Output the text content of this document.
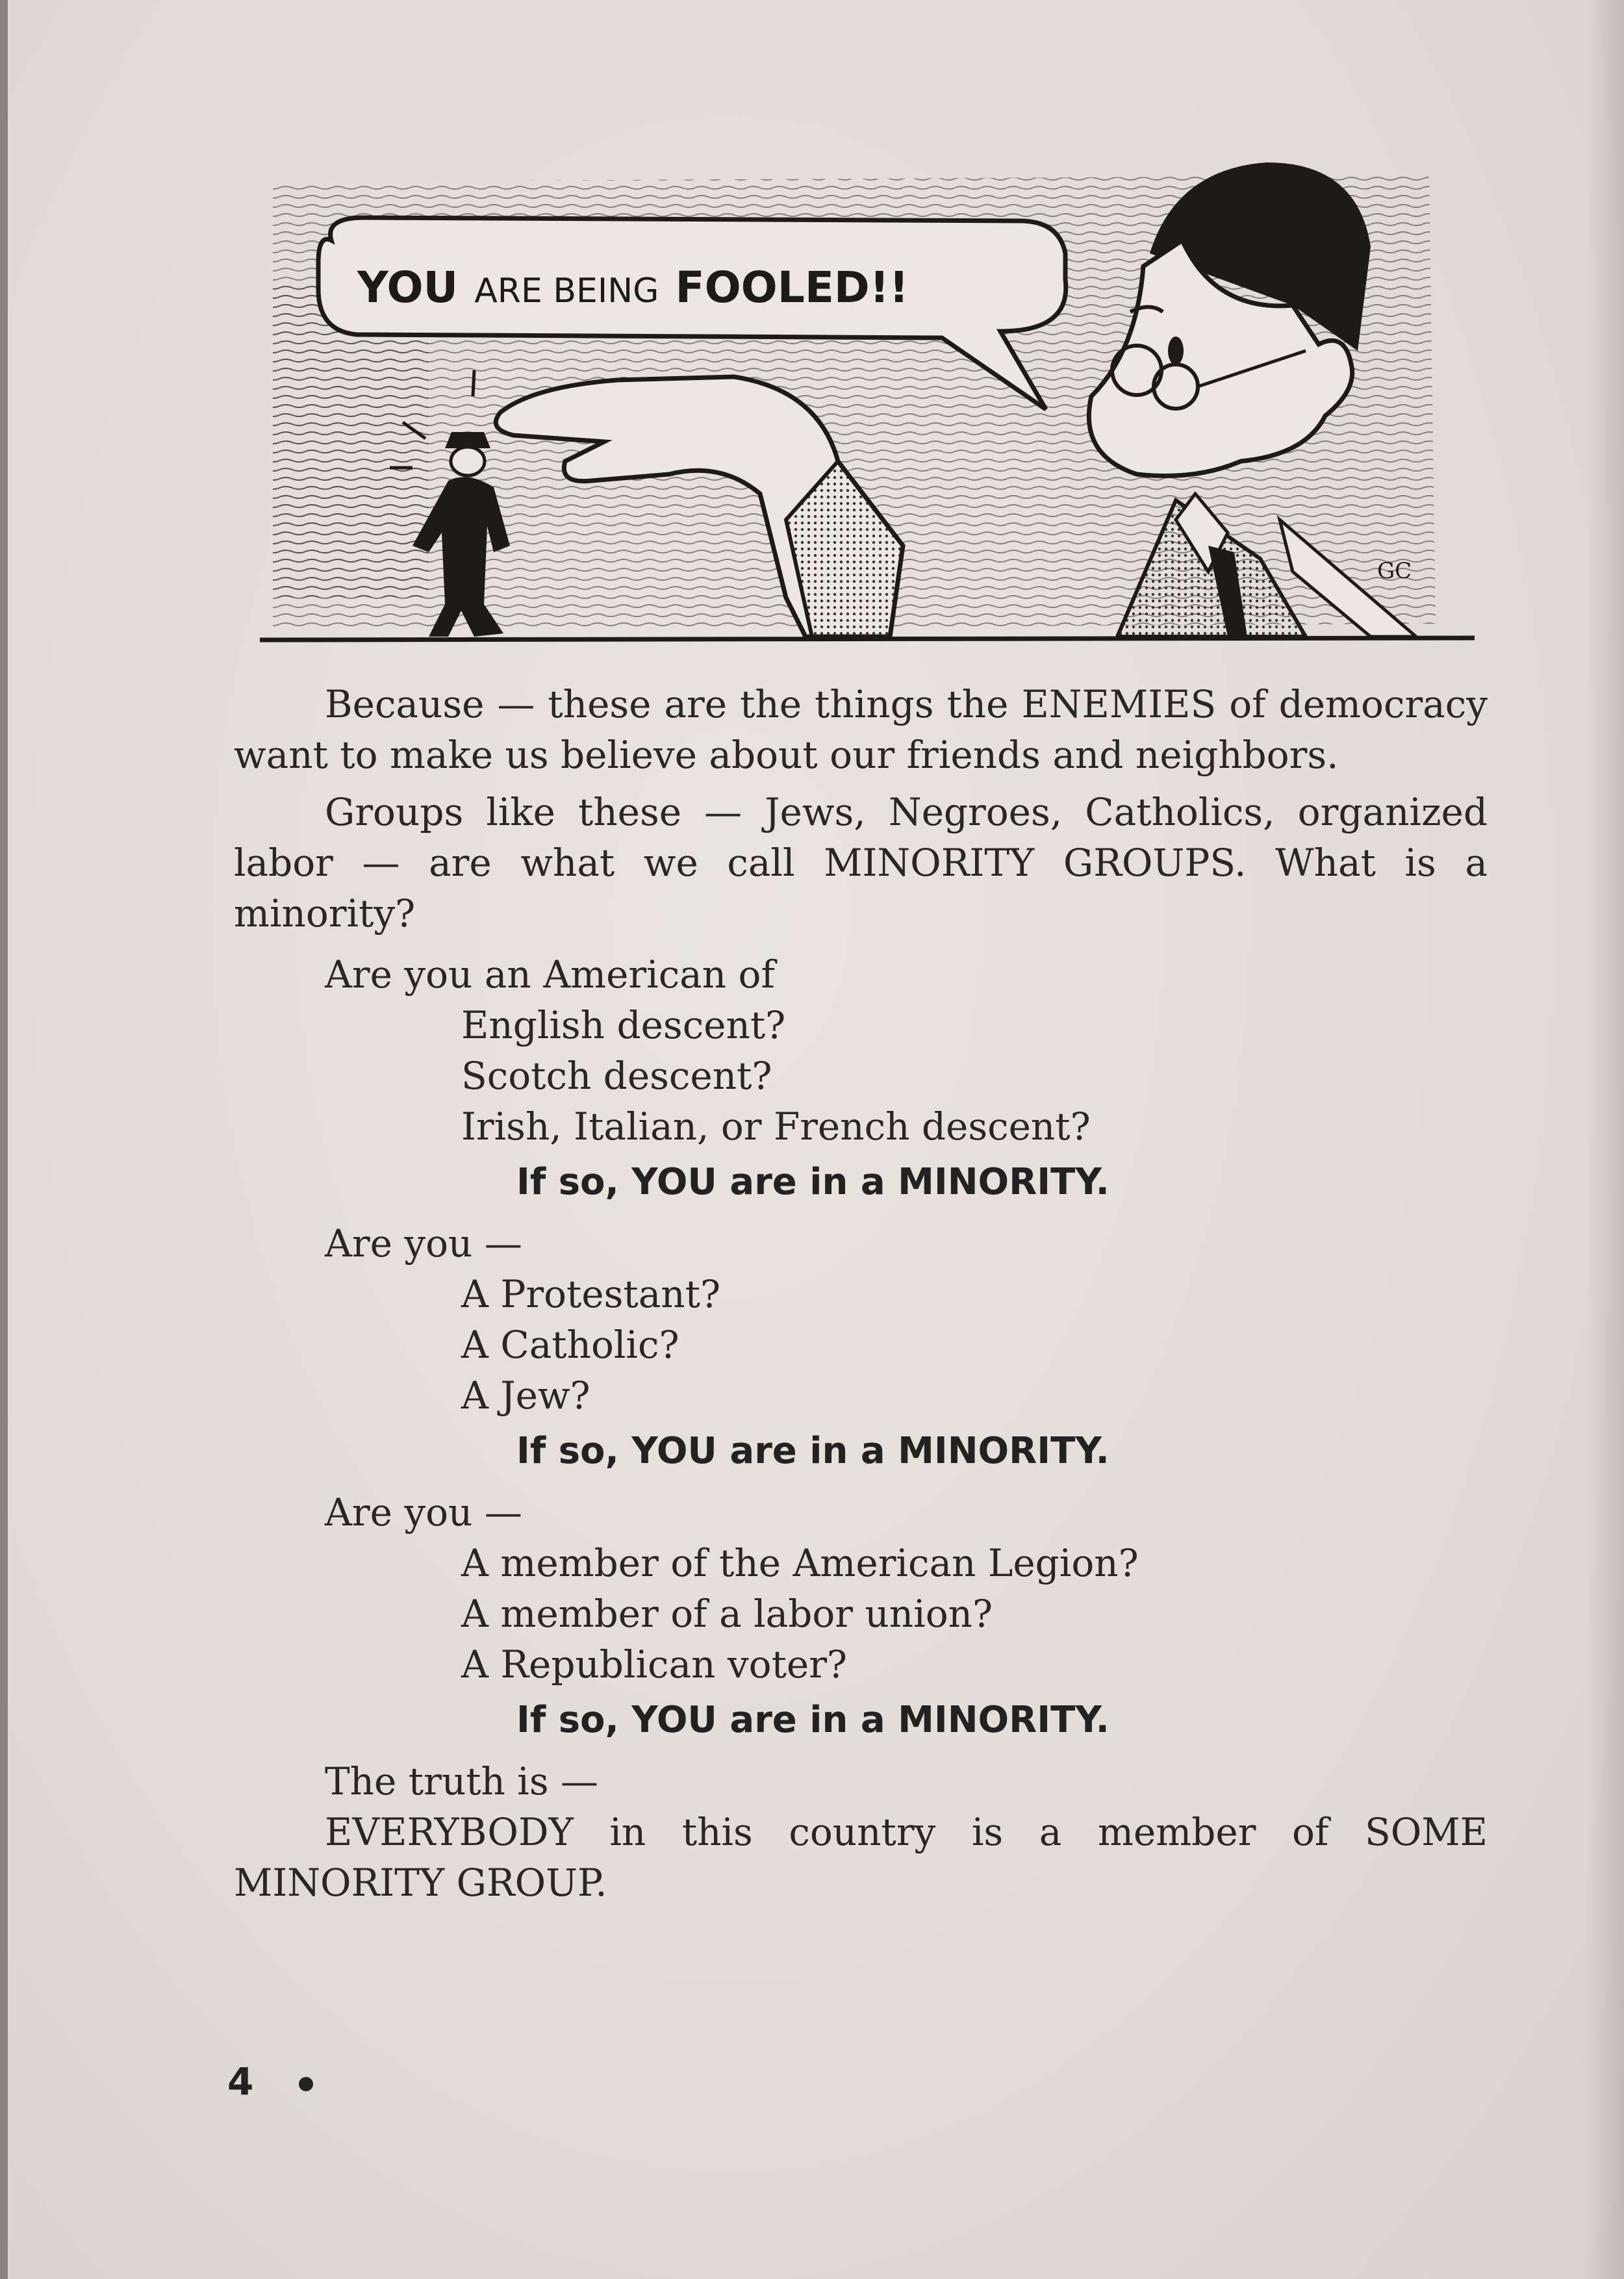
YOU ARE BEING FOOLED!!
GC

Because — these are the things the ENEMIES of democracy want to make us believe about our friends and neighbors.

Groups like these — Jews, Negroes, Catholics, organized labor — are what we call MINORITY GROUPS. What is a minority?

Are you an American of

English descent?

Scotch descent?

Irish, Italian, or French descent?

If so, YOU are in a MINORITY.

Are you —

A Protestant?

A Catholic?

A Jew?

If so, YOU are in a MINORITY.

Are you —

A member of the American Legion?

A member of a labor union?

A Republican voter?

If so, YOU are in a MINORITY.

The truth is —

EVERYBODY in this country is a member of SOME MINORITY GROUP.

4
